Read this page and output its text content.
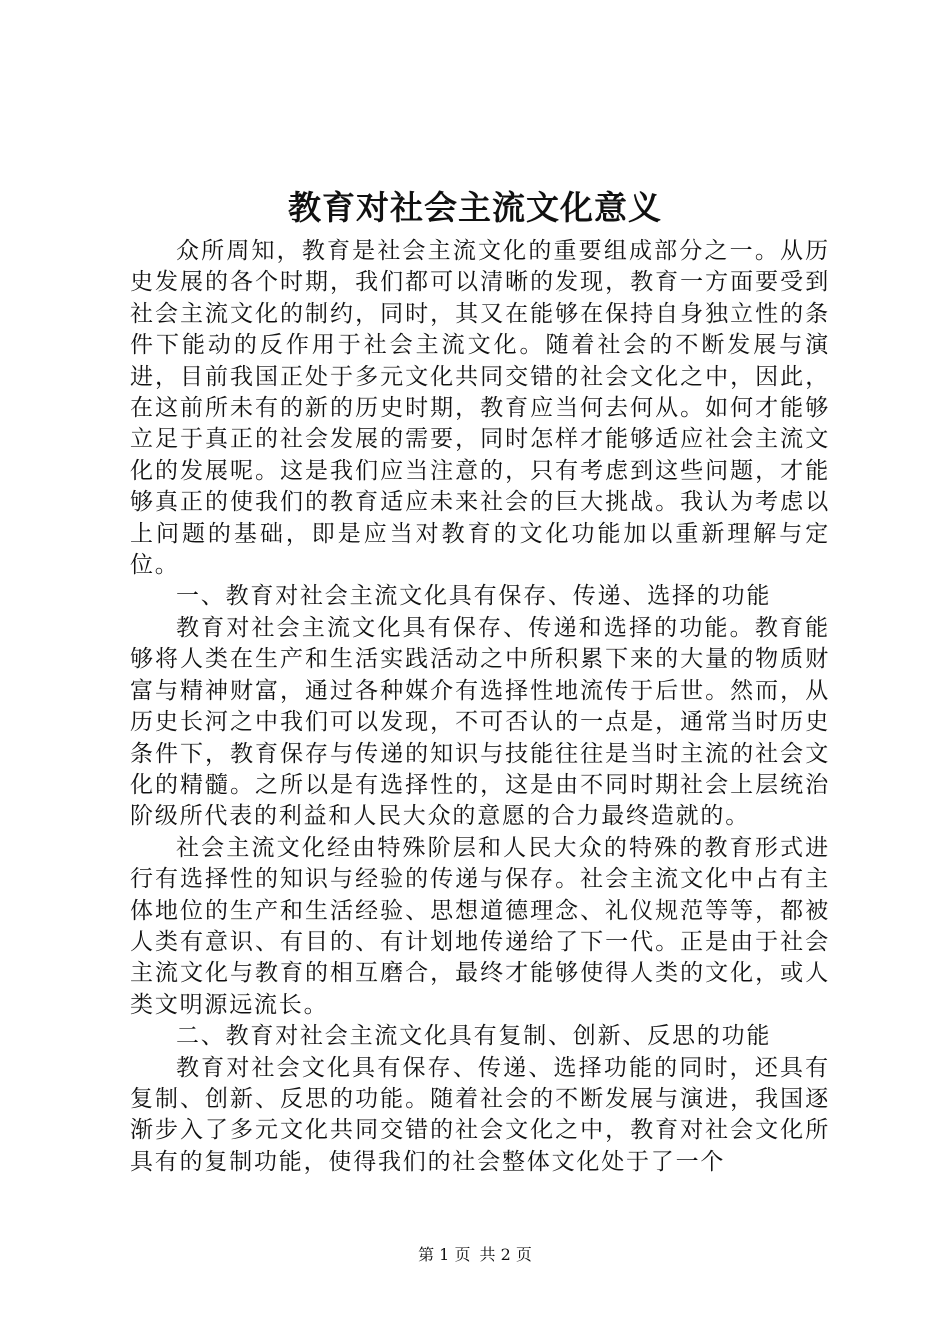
教育对社会主流文化意义

众所周知，教育是社会主流文化的重要组成部分之一。从历史发展的各个时期，我们都可以清晰的发现，教育一方面要受到社会主流文化的制约，同时，其又在能够在保持自身独立性的条件下能动的反作用于社会主流文化。随着社会的不断发展与演进，目前我国正处于多元文化共同交错的社会文化之中，因此，在这前所未有的新的历史时期，教育应当何去何从。如何才能够立足于真正的社会发展的需要，同时怎样才能够适应社会主流文化的发展呢。这是我们应当注意的，只有考虑到这些问题，才能够真正的使我们的教育适应未来社会的巨大挑战。我认为考虑以上问题的基础，即是应当对教育的文化功能加以重新理解与定位。

一、教育对社会主流文化具有保存、传递、选择的功能

教育对社会主流文化具有保存、传递和选择的功能。教育能够将人类在生产和生活实践活动之中所积累下来的大量的物质财富与精神财富，通过各种媒介有选择性地流传于后世。然而，从历史长河之中我们可以发现，不可否认的一点是，通常当时历史条件下，教育保存与传递的知识与技能往往是当时主流的社会文化的精髓。之所以是有选择性的，这是由不同时期社会上层统治阶级所代表的利益和人民大众的意愿的合力最终造就的。

社会主流文化经由特殊阶层和人民大众的特殊的教育形式进行有选择性的知识与经验的传递与保存。社会主流文化中占有主体地位的生产和生活经验、思想道德理念、礼仪规范等等，都被人类有意识、有目的、有计划地传递给了下一代。正是由于社会主流文化与教育的相互磨合，最终才能够使得人类的文化，或人类文明源远流长。

二、教育对社会主流文化具有复制、创新、反思的功能

教育对社会文化具有保存、传递、选择功能的同时，还具有复制、创新、反思的功能。随着社会的不断发展与演进，我国逐渐步入了多元文化共同交错的社会文化之中，教育对社会文化所具有的复制功能，使得我们的社会整体文化处于了一个

第 1 页 共 2 页
